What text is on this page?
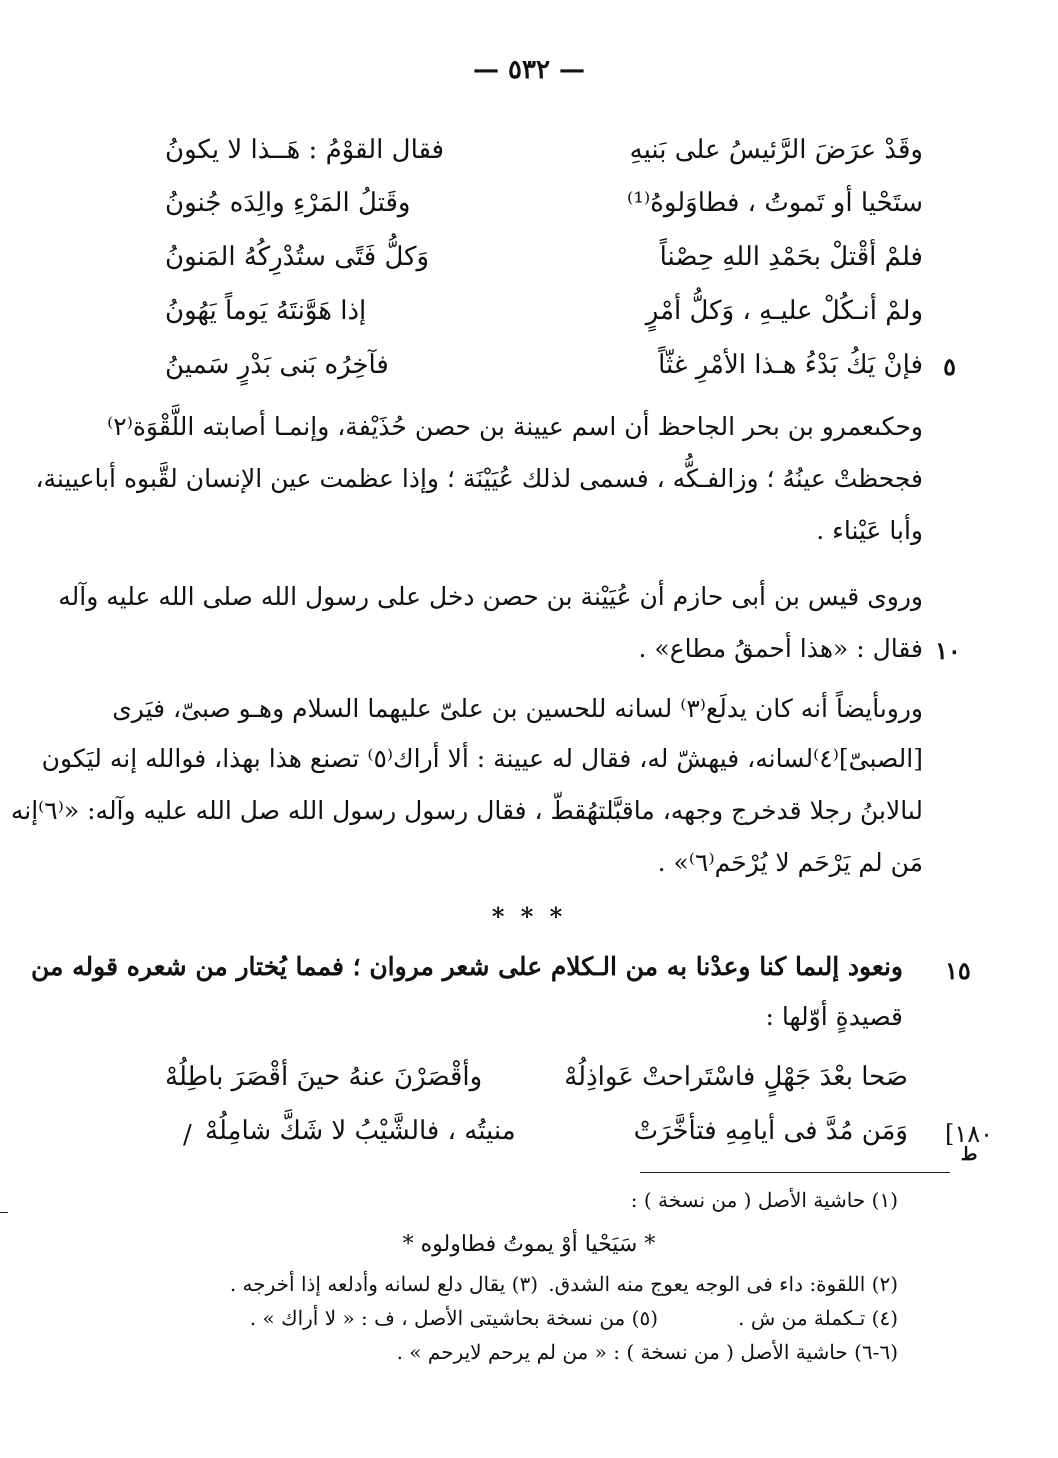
— ٥٣٢ —
وقَدْ عرَضَ الرَّئيسُ على بَنيهِ
فقال القوْمُ : هَــذا لا يكونُ
ستَحْيا أو تَموتُ ، فطاوَلوهُ⁽¹⁾
وقَتلُ المَرْءِ والِدَه جُنونُ
فلمْ أقْتلْ بحَمْدِ اللهِ حِصْناً
وَكلُّ فَتًى ستُدْرِكُهُ المَنونُ
ولمْ أنـكُلْ عليـهِ ، وَكلُّ أمْرٍ
إذا هَوَّنتَهُ يَوماً يَهُونُ
فإنْ يَكُ بَدْءُ هـذا الأمْرِ غثّاً
فآخِرُه بَنى بَدْرٍ سَمينُ	٥
وحكىعمرو بن بحر الجاحظ أن اسم عيينة بن حصن حُذَيْفة، وإنمـا أصابته اللَّقْوَة⁽٢⁾
فجحظتْ عينُهُ ؛ وزالفـكُّه ، فسمى لذلك عُيَيْنَة ؛ وإذا عظمت عين الإنسان لقَّبوه أباعيينة،
وأبا عَيْناء .
وروى قيس بن أبى حازم أن عُيَيْنة بن حصن دخل على رسول الله صلى الله عليه وآله
فقال : «هذا أحمقُ مطاع» . ١٠
وروىأيضاً أنه كان يدلَع⁽٣⁾ لسانه للحسين بن علىّ عليهما السلام وهـو صبىّ، فيَرى
[الصبىّ]⁽٤⁾لسانه، فيهشّ له، فقال له عيينة : ألا أراك⁽٥⁾ تصنع هذا بهذا، فوالله إنه ليَكون
لىالابنُ رجلا قدخرج وجهه، ماقبَّلتهُقطّ ، فقال رسول رسول الله صل الله عليه وآله: «⁽٦⁾إنه
مَن لم يَرْحَم لا يُرْحَم⁽٦⁾» .
* * *
ونعود إلىما كنا وعدْنا به من الـكلام على شعر مروان ؛ فمما يُختار من شعره قوله من
قصيدةٍ أوّلها :
١٥
صَحا بعْدَ جَهْلٍ فاسْتَراحتْ عَواذِلُهْ
وأقْصَرْنَ عنهُ حينَ أقْصَرَ باطِلُهْ
وَمَن مُدَّ فى أيامِهِ فتأخَّرَتْ
منيتُه ، فالشَّيْبُ لا شَكَّ شامِلُهْ
/	[١٨٠
ط
(١) حاشية الأصل ( من نسخة ) :
* سَيَحْيا أوْ يموتُ فطاولوه *
(٢) اللقوة: داء فى الوجه يعوج منه الشدق.
(٣) يقال دلع لسانه وأدلعه إذا أخرجه .
(٤) تـكملة من ش .
(٥) من نسخة بحاشيتى الأصل ، ف : « لا أراك » .
(٦-٦) حاشية الأصل ( من نسخة ) : « من لم يرحم لايرحم » .
